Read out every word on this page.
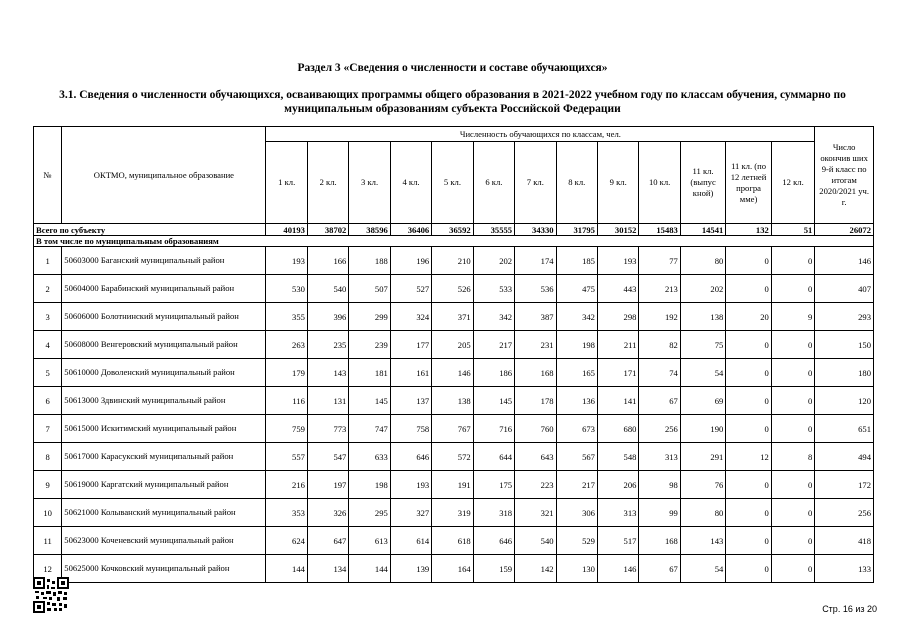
Раздел 3 «Сведения о численности и составе обучающихся»
3.1. Сведения о численности обучающихся, осваивающих программы общего образования в 2021-2022 учебном году по классам обучения, суммарно по муниципальным образованиям субъекта Российской Федерации
№	ОКТМО, муниципальное образование	Численность обучающихся по классам, чел.													Число окончив ших 9-й класс по итогам 2020/2021 уч. г.
		1 кл.	2 кл.	3 кл.	4 кл.	5 кл.	6 кл.	7 кл.	8 кл.	9 кл.	10 кл.	11 кл. (выпус кной)	11 кл. (по 12 летней програ мме)	12 кл.	
Всего по субъекту		40193	38702	38596	36406	36592	35555	34330	31795	30152	15483	14541	132	51	26072
В том числе по муниципальным образованиям															
1	50603000 Баганский муниципальный район	193	166	188	196	210	202	174	185	193	77	80	0	0	146
2	50604000 Барабинский муниципальный район	530	540	507	527	526	533	536	475	443	213	202	0	0	407
3	50606000 Болотнинский муниципальный район	355	396	299	324	371	342	387	342	298	192	138	20	9	293
4	50608000 Венгеровский муниципальный район	263	235	239	177	205	217	231	198	211	82	75	0	0	150
5	50610000 Доволенский муниципальный район	179	143	181	161	146	186	168	165	171	74	54	0	0	180
6	50613000 Здвинский муниципальный район	116	131	145	137	138	145	178	136	141	67	69	0	0	120
7	50615000 Искитимский муниципальный район	759	773	747	758	767	716	760	673	680	256	190	0	0	651
8	50617000 Карасукский муниципальный район	557	547	633	646	572	644	643	567	548	313	291	12	8	494
9	50619000 Каргатский муниципальный район	216	197	198	193	191	175	223	217	206	98	76	0	0	172
10	50621000 Колыванский муниципальный район	353	326	295	327	319	318	321	306	313	99	80	0	0	256
11	50623000 Коченевский муниципальный район	624	647	613	614	618	646	540	529	517	168	143	0	0	418
12	50625000 Кочковский муниципальный район	144	134	144	139	164	159	142	130	146	67	54	0	0	133
Стр. 16 из 20
